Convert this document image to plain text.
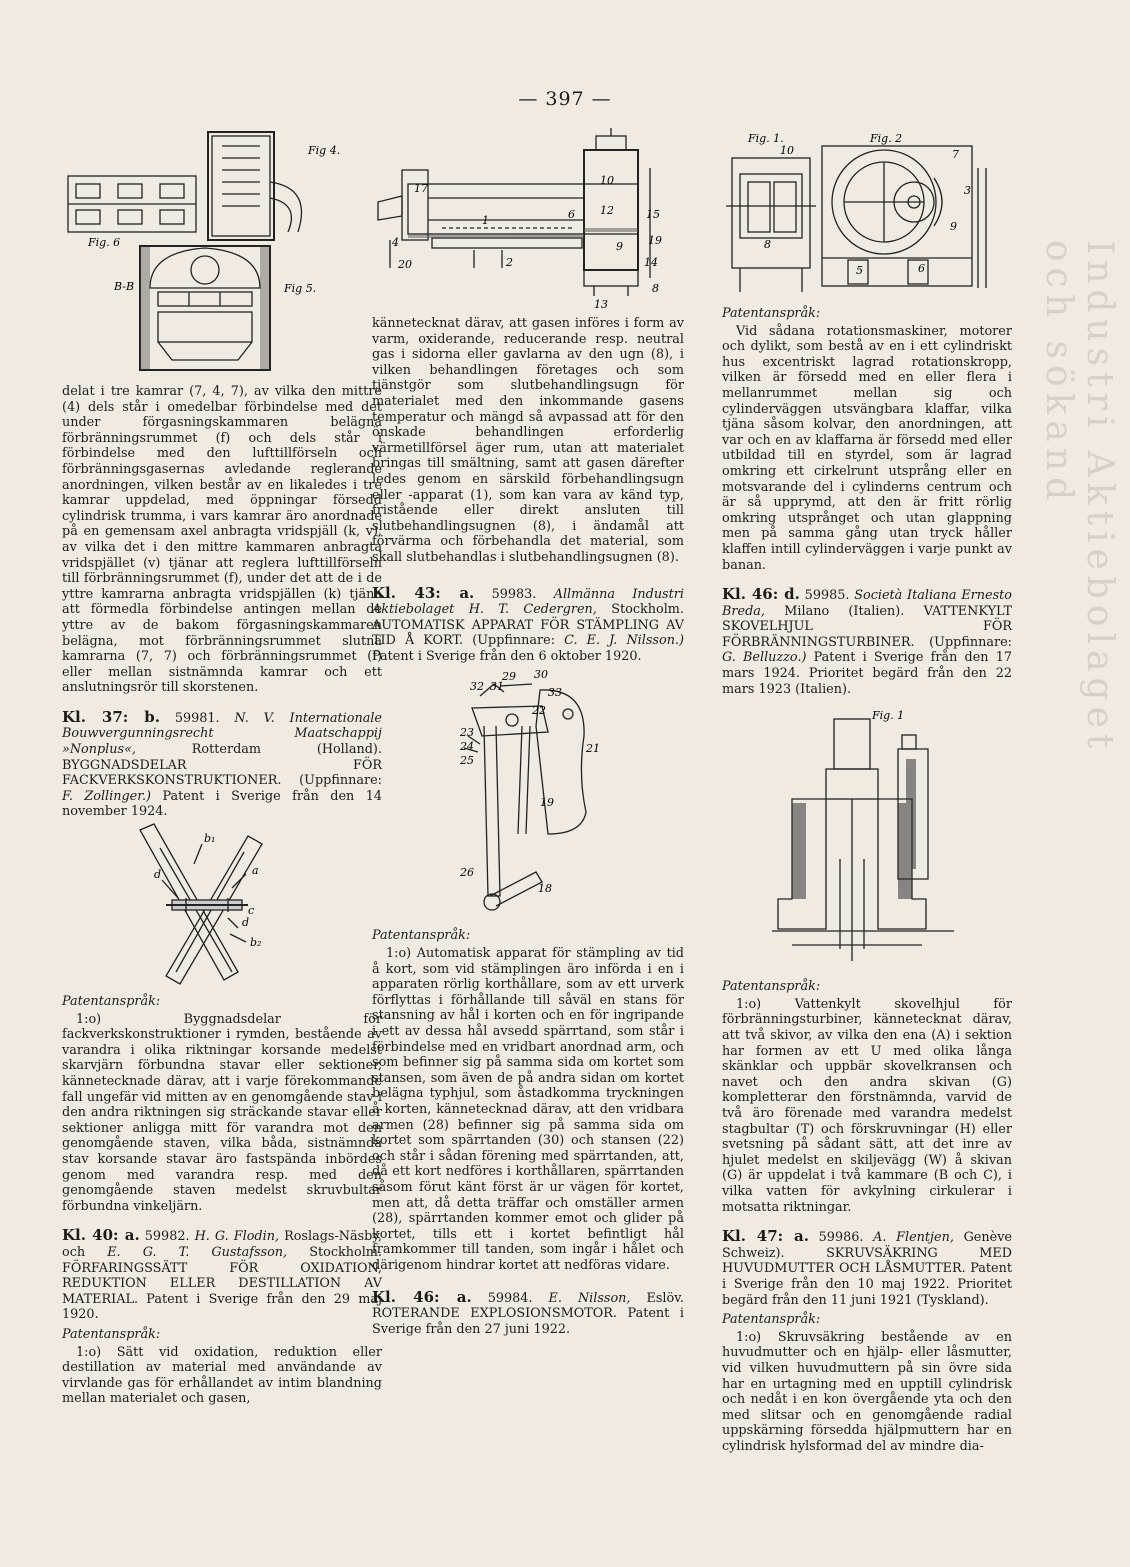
— 397 —
Industri Aktiebolaget och sökand
Fig 4.
Fig. 6
B-B	Fig 5.

delat i tre kamrar (7, 4, 7), av vilka den mittre (4) dels står i omedelbar förbindelse med det under förgasningskammaren belägna förbränningsrummet (f) och dels står i förbindelse med den lufttillförseln och förbränningsgasernas avledande reglerande anordningen, vilken består av en likaledes i tre kamrar uppdelad, med öppningar försedd cylindrisk trumma, i vars kamrar äro anordnade på en gemensam axel anbragta vridspjäll (k, v), av vilka det i den mittre kammaren anbragta vridspjället (v) tjänar att reglera lufttillförseln till förbränningsrummet (f), under det att de i de yttre kamrarna anbragta vridspjällen (k) tjäna att förmedla förbindelse antingen mellan de yttre av de bakom förgasningskammaren belägna, mot förbränningsrummet slutna kamrarna (7, 7) och förbränningsrummet (f) eller mellan sistnämnda kamrar och ett anslutningsrör till skorstenen.

Kl. 37: b. 59981. N. V. Internationale Bouwvergunningsrecht Maatschappij »Nonplus«,	Rotterdam (Holland). BYGGNADSDELAR FÖR FACKVERKSKONSTRUKTIONER. (Uppfinnare: F. Zollinger.) Patent i Sverige från den 14 november 1924.

b₁
a
d
d
c
b₂

Patentanspråk:

1:o) Byggnadsdelar för fackverkskonstruktioner i rymden, bestående av varandra i olika riktningar korsande medelst skarvjärn förbundna stavar eller sektioner, kännetecknade därav, att i varje förekommande fall ungefär vid mitten av en genomgående stav i den andra riktningen sig sträckande stavar eller sektioner anligga mitt för varandra mot den genomgående staven, vilka båda, sistnämnda stav korsande stavar äro fastspända inbördes genom med varandra resp. med den genomgående staven medelst skruvbultar förbundna vinkeljärn.

Kl. 40: a. 59982. H. G. Flodin, Roslags-Näsby, och E. G. T. Gustafsson, Stockholm. FÖRFARINGSSÄTT FÖR OXIDATION, REDUKTION ELLER DESTILLATION AV MATERIAL. Patent i Sverige från den 29 maj 1920.

Patentanspråk:

1:o) Sätt vid oxidation, reduktion eller destillation av material med användande av virvlande gas för erhållandet av intim blandning mellan materialet och gasen,

17
4
1	6 12	15
10
9 19
2	14
20
13
8

kännetecknat därav, att gasen införes i form av varm, oxiderande, reducerande resp. neutral gas i sidorna eller gavlarna av den ugn (8), i vilken behandlingen företages och som tjänstgör som slutbehandlingsugn för materialet med den inkommande gasens temperatur och mängd så avpassad att för den önskade behandlingen erforderlig värmetillförsel äger rum, utan att materialet bringas till smältning, samt att gasen därefter ledes genom en särskild förbehandlingsugn eller -apparat (1), som kan vara av känd typ, fristående eller direkt ansluten till slutbehandlingsugnen (8), i ändamål att förvärma och förbehandla det material, som skall slutbehandlas i slutbehandlingsugnen (8).

Kl. 43: a. 59983. Allmänna Industri Aktiebolaget H. T. Cedergren, Stockholm. AUTOMATISK APPARAT FÖR STÄMPLING AV TID Å KORT. (Uppfinnare: C. E. J. Nilsson.) Patent i Sverige från den 6 oktober 1920.

29 30
33
31
32
22
23
21
24
25
19
26
18

Patentanspråk:

1:o) Automatisk apparat för stämpling av tid å kort, som vid stämplingen äro införda i en i apparaten rörlig korthållare, som av ett urverk förflyttas i förhållande till såväl en stans för stansning av hål i korten och en för ingripande i ett av dessa hål avsedd spärrtand, som står i förbindelse med en vridbart anordnad arm, och som befinner sig på samma sida om kortet som stansen, som även de på andra sidan om kortet belägna typhjul, som åstadkomma tryckningen å korten, kännetecknad därav, att den vridbara armen (28) befinner sig på samma sida om kortet som spärrtanden (30) och stansen (22) och står i sådan förening med spärrtanden, att, då ett kort nedföres i korthållaren, spärrtanden såsom förut känt först är ur vägen för kortet, men att, då detta träffar och omställer armen (28), spärrtanden kommer emot och glider på kortet, tills ett i kortet befintligt hål framkommer till tanden, som ingår i hålet och därigenom hindrar kortet att nedföras vidare.

Kl. 46: a. 59984. E. Nilsson, Eslöv. ROTERANDE EXPLOSIONSMOTOR. Patent i Sverige från den 27 juni 1922.

Fig. 1.	Fig. 2
10
8
9
7
6
5
3

Patentanspråk:

Vid sådana rotationsmaskiner, motorer och dylikt, som bestå av en i ett cylindriskt hus excentriskt lagrad rotationskropp, vilken är försedd med en eller flera i mellanrummet mellan sig och cylinderväggen utsvängbara klaffar, vilka tjäna såsom kolvar, den anordningen, att var och en av klaffarna är försedd med eller utbildad till en styrdel, som är lagrad omkring ett cirkelrunt utsprång eller en motsvarande del i cylinderns centrum och är så upprymd, att den är fritt rörlig omkring utsprånget och utan glappning men på samma gång utan tryck håller klaffen intill cylinderväggen i varje punkt av banan.

Kl. 46: d. 59985. Società Italiana Ernesto Breda, Milano (Italien). VATTENKYLT SKOVELHJUL FÖR FÖRBRÄNNINGSTURBINER. (Uppfinnare: G. Belluzzo.) Patent i Sverige från den 17 mars 1924. Prioritet begärd från den 22 mars 1923 (Italien).

Fig. 1

Patentanspråk:

1:o) Vattenkylt skovelhjul för förbränningsturbiner, kännetecknat därav, att två skivor, av vilka den ena (A) i sektion har formen av ett U med olika långa skänklar och uppbär skovelkransen och navet och den andra skivan (G) kompletterar den förstnämnda, varvid de två äro förenade med varandra medelst stagbultar (T) och förskruvningar (H) eller svetsning på sådant sätt, att det inre av hjulet medelst en skiljevägg (W) å skivan (G) är uppdelat i två kammare (B och C), i vilka vatten för avkylning cirkulerar i motsatta riktningar.

Kl. 47: a. 59986. A. Flentjen, Genève Schweiz). SKRUVSÄKRING MED HUVUDMUTTER OCH LÅSMUTTER. Patent i Sverige från den 10 maj 1922. Prioritet begärd från den 11 juni 1921 (Tyskland).

Patentanspråk:

1:o) Skruvsäkring bestående av en huvudmutter och en hjälp- eller låsmutter, vid vilken huvudmuttern på sin övre sida har en urtagning med en upptill cylindrisk och nedåt i en kon övergående yta och den med slitsar och en genomgående radial uppskärning försedda hjälpmuttern har en cylindrisk hylsformad del av mindre dia-
